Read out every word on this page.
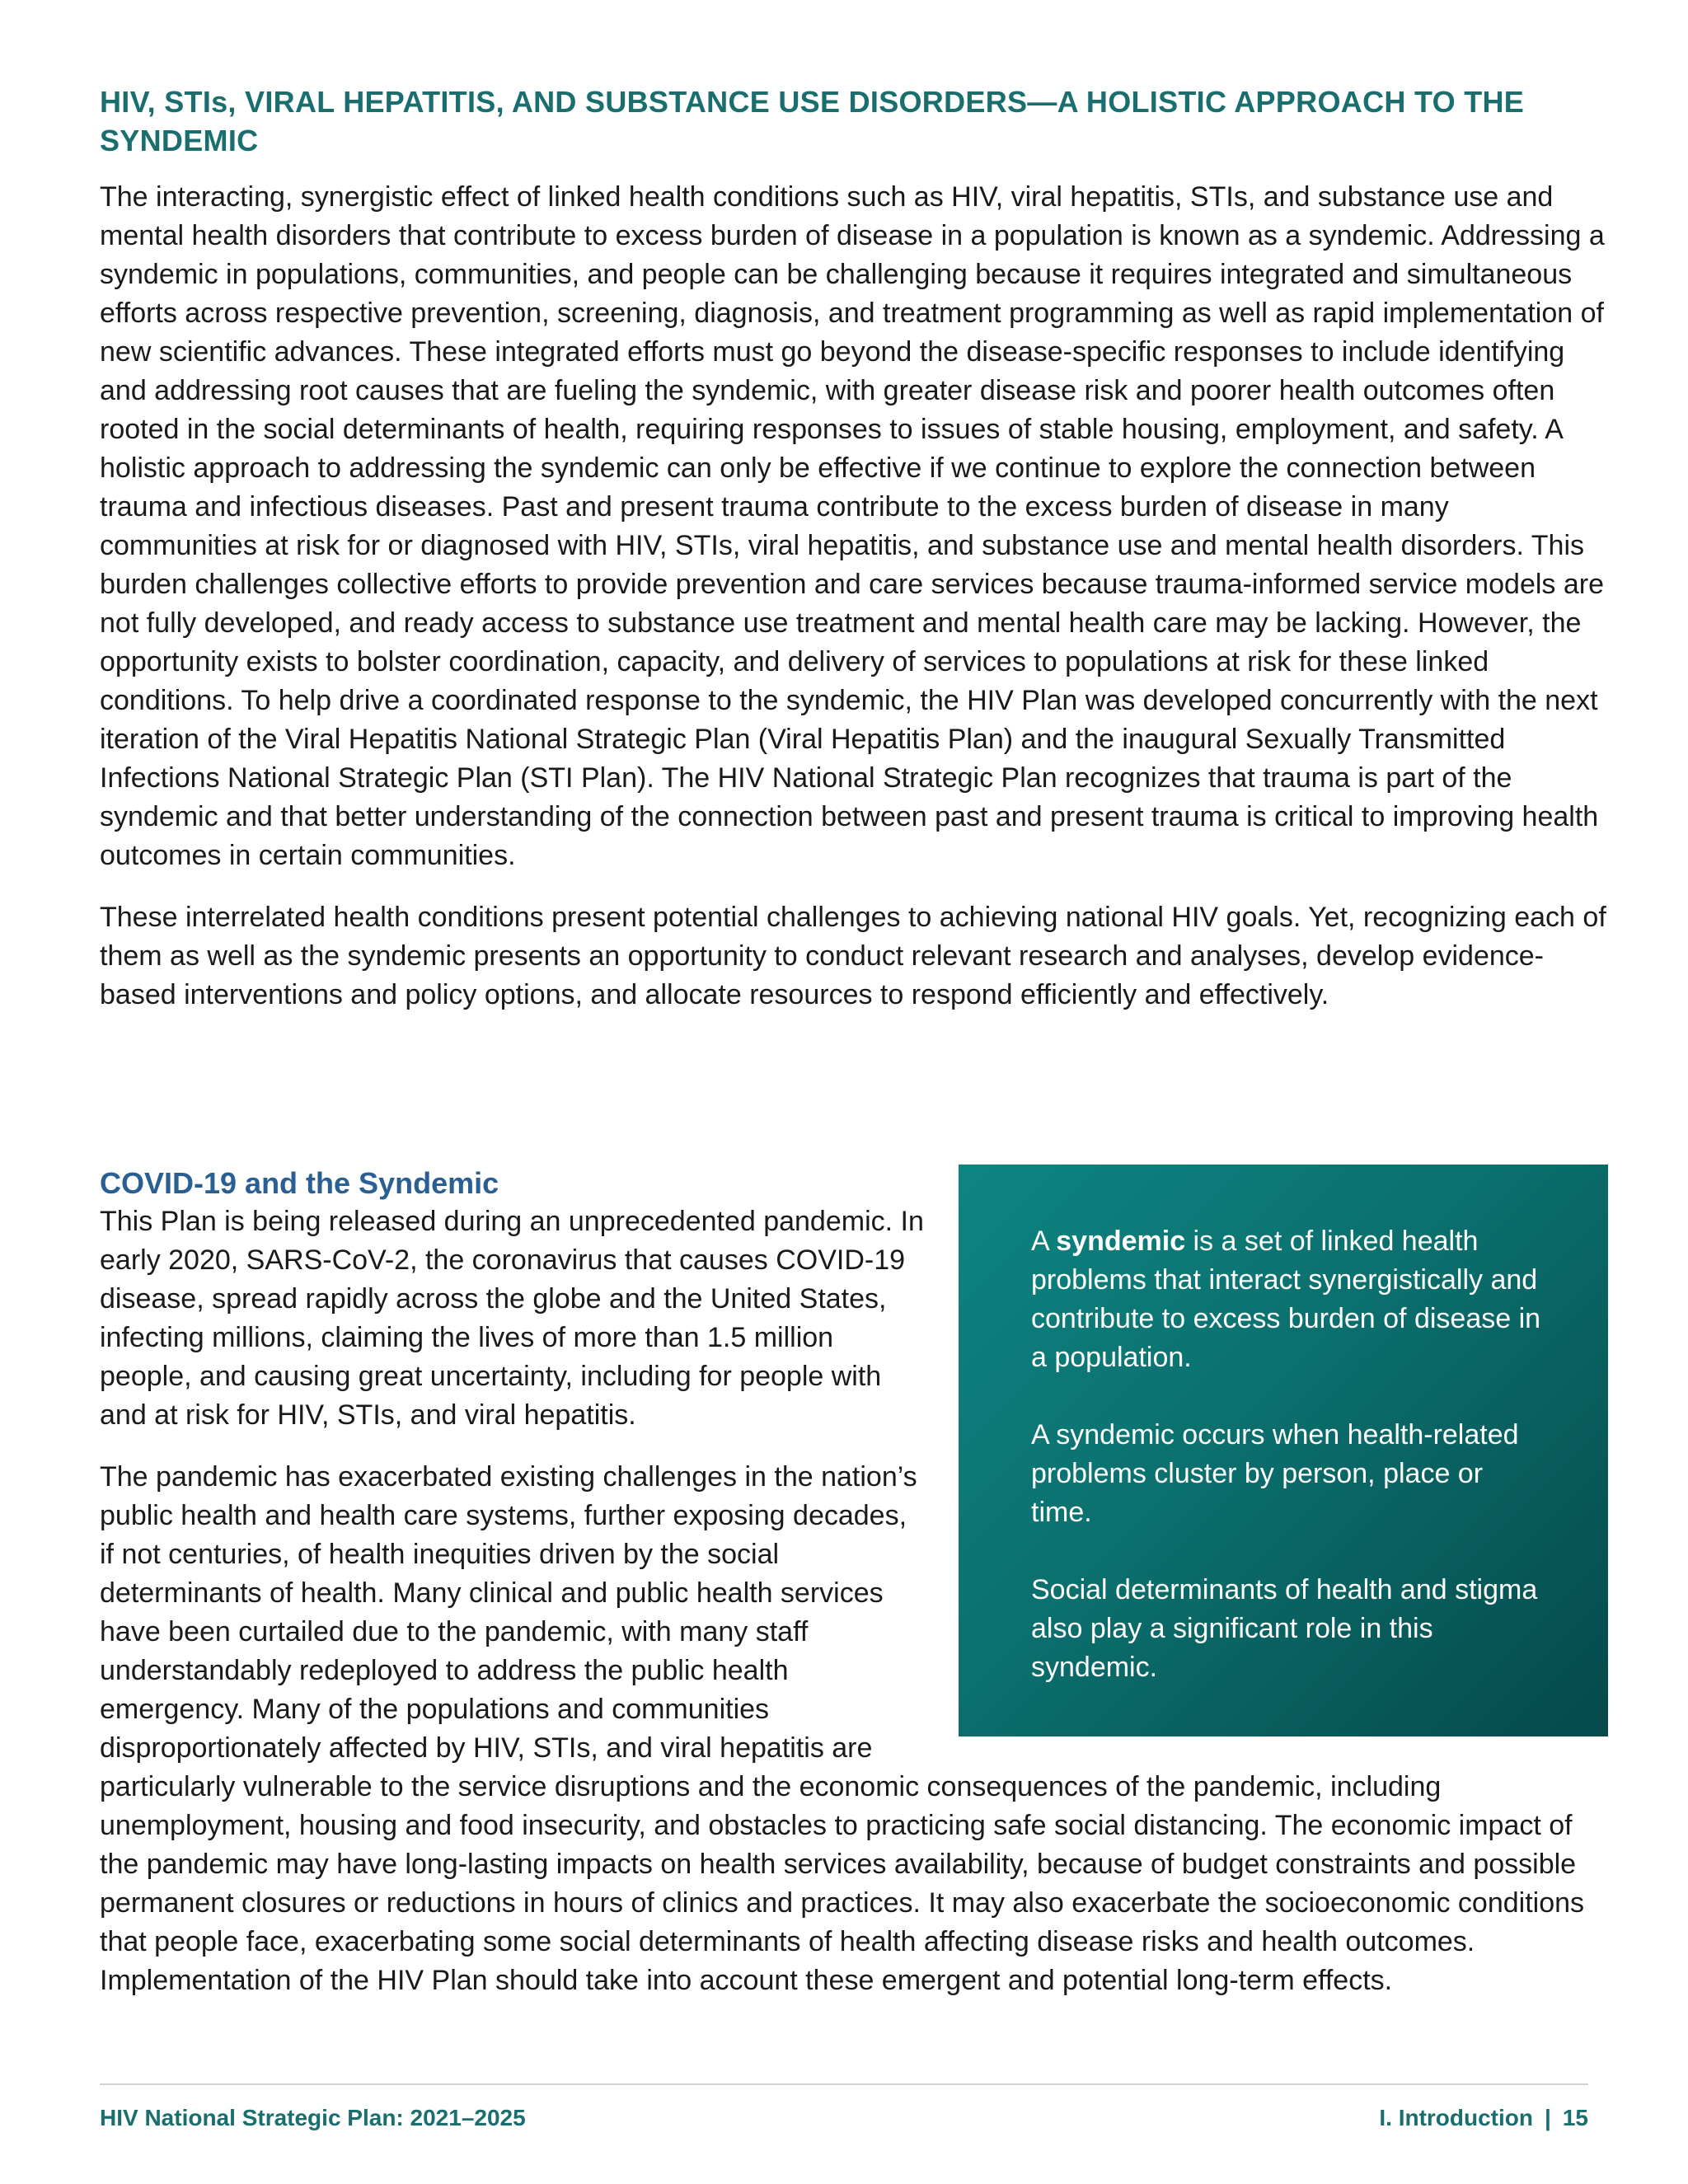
HIV, STIs, VIRAL HEPATITIS, AND SUBSTANCE USE DISORDERS—A HOLISTIC APPROACH TO THE SYNDEMIC

The interacting, synergistic effect of linked health conditions such as HIV, viral hepatitis, STIs, and substance use and mental health disorders that contribute to excess burden of disease in a population is known as a syndemic. Addressing a syndemic in populations, communities, and people can be challenging because it requires integrated and simultaneous efforts across respective prevention, screening, diagnosis, and treatment programming as well as rapid implementation of new scientific advances. These integrated efforts must go beyond the disease-specific responses to include identifying and addressing root causes that are fueling the syndemic, with greater disease risk and poorer health outcomes often rooted in the social determinants of health, requiring responses to issues of stable housing, employment, and safety. A holistic approach to addressing the syndemic can only be effective if we continue to explore the connection between trauma and infectious diseases. Past and present trauma contribute to the excess burden of disease in many communities at risk for or diagnosed with HIV, STIs, viral hepatitis, and substance use and mental health disorders. This burden challenges collective efforts to provide prevention and care services because trauma-informed service models are not fully developed, and ready access to substance use treatment and mental health care may be lacking. However, the opportunity exists to bolster coordination, capacity, and delivery of services to populations at risk for these linked conditions. To help drive a coordinated response to the syndemic, the HIV Plan was developed concurrently with the next iteration of the Viral Hepatitis National Strategic Plan (Viral Hepatitis Plan) and the inaugural Sexually Transmitted Infections National Strategic Plan (STI Plan). The HIV National Strategic Plan recognizes that trauma is part of the syndemic and that better understanding of the connection between past and present trauma is critical to improving health outcomes in certain communities.

These interrelated health conditions present potential challenges to achieving national HIV goals. Yet, recognizing each of them as well as the syndemic presents an opportunity to conduct relevant research and analyses, develop evidence-based interventions and policy options, and allocate resources to respond efficiently and effectively.

A syndemic is a set of linked health problems that interact synergistically and contribute to excess burden of disease in a population.

A syndemic occurs when health-related problems cluster by person, place or time.

Social determinants of health and stigma also play a significant role in this syndemic.

COVID-19 and the Syndemic

This Plan is being released during an unprecedented pandemic. In early 2020, SARS-CoV-2, the coronavirus that causes COVID-19 disease, spread rapidly across the globe and the United States, infecting millions, claiming the lives of more than 1.5 million people, and causing great uncertainty, including for people with and at risk for HIV, STIs, and viral hepatitis.

The pandemic has exacerbated existing challenges in the nation’s public health and health care systems, further exposing decades, if not centuries, of health inequities driven by the social determinants of health. Many clinical and public health services have been curtailed due to the pandemic, with many staff understandably redeployed to address the public health emergency. Many of the populations and communities disproportionately affected by HIV, STIs, and viral hepatitis are particularly vulnerable to the service disruptions and the economic consequences of the pandemic, including unemployment, housing and food insecurity, and obstacles to practicing safe social distancing. The economic impact of the pandemic may have long-lasting impacts on health services availability, because of budget constraints and possible permanent closures or reductions in hours of clinics and practices. It may also exacerbate the socioeconomic conditions that people face, exacerbating some social determinants of health affecting disease risks and health outcomes. Implementation of the HIV Plan should take into account these emergent and potential long-term effects.

HIV National Strategic Plan: 2021–2025	I. Introduction | 15
